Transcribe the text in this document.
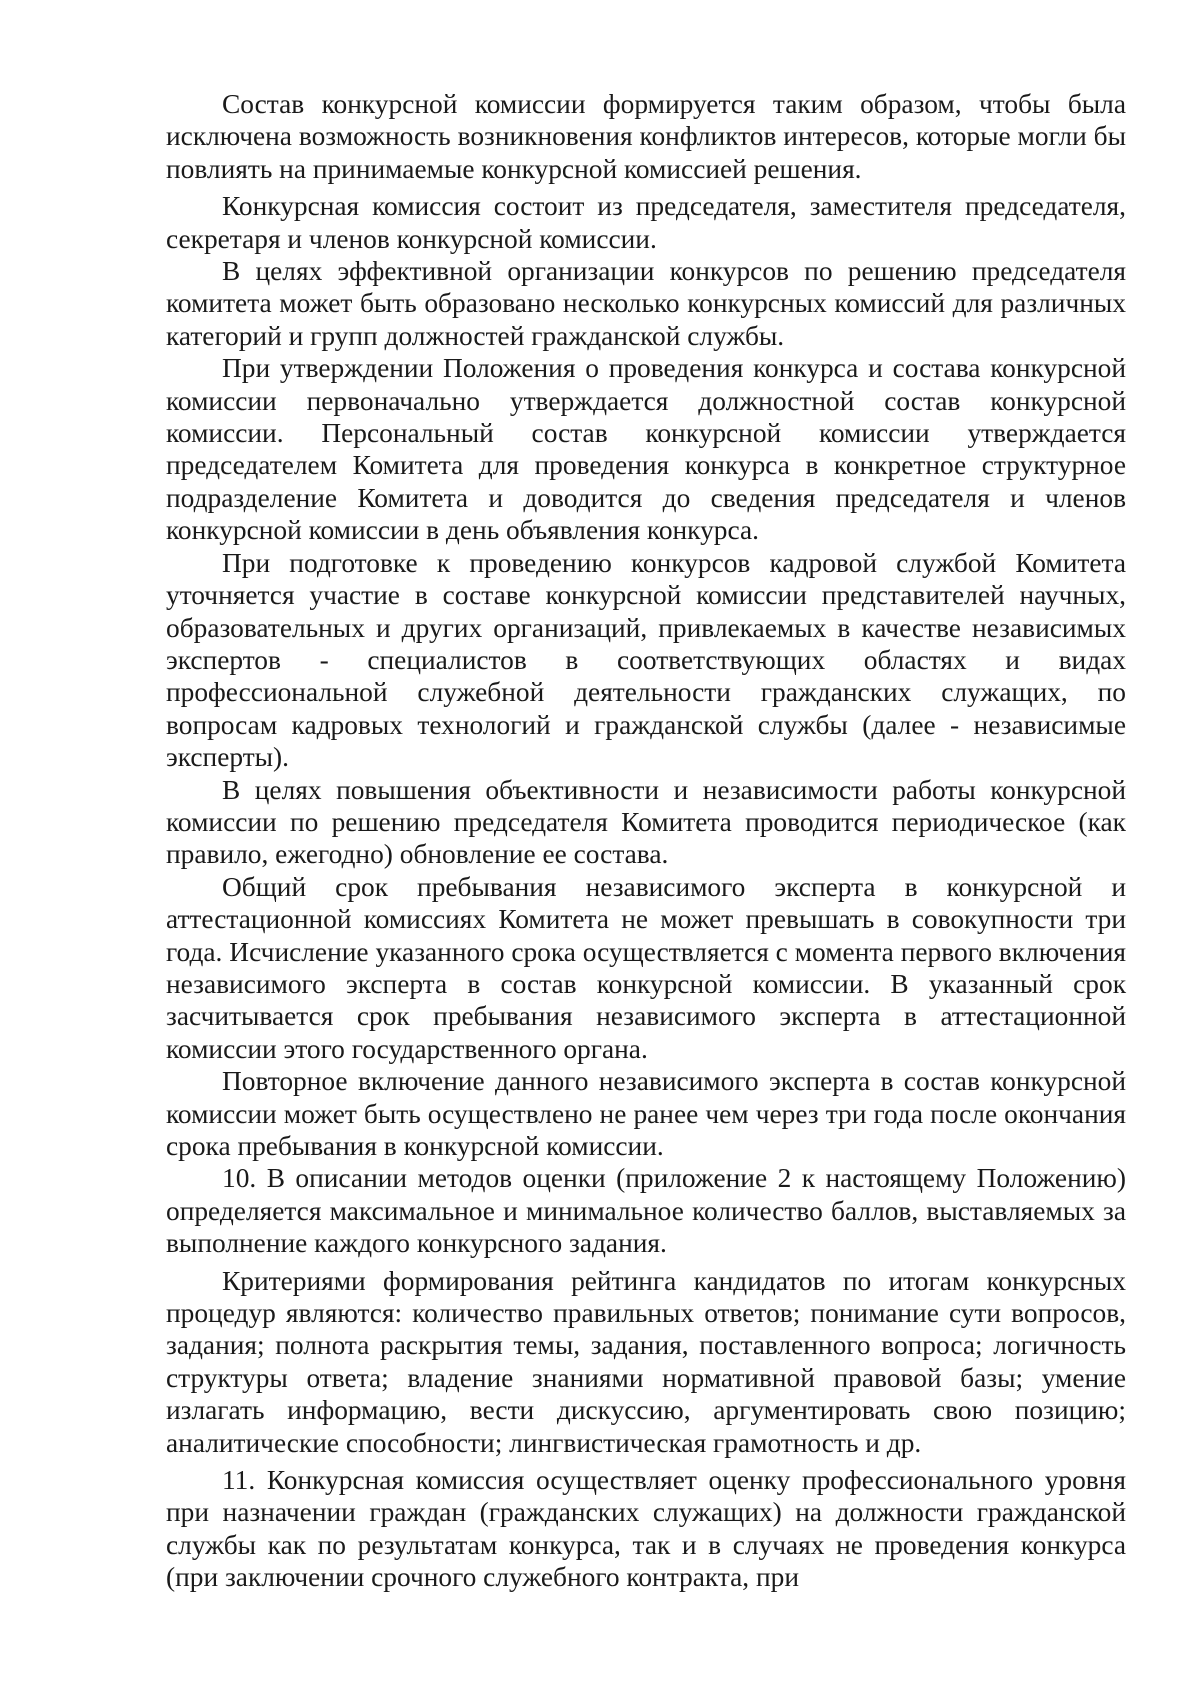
Состав конкурсной комиссии формируется таким образом, чтобы была исключена возможность возникновения конфликтов интересов, которые могли бы повлиять на принимаемые конкурсной комиссией решения.

Конкурсная комиссия состоит из председателя, заместителя председателя, секретаря и членов конкурсной комиссии.

В целях эффективной организации конкурсов по решению председателя комитета может быть образовано несколько конкурсных комиссий для различных категорий и групп должностей гражданской службы.

При утверждении Положения о проведения конкурса и состава конкурсной комиссии первоначально утверждается должностной состав конкурсной комиссии. Персональный состав конкурсной комиссии утверждается председателем Комитета для проведения конкурса в конкретное структурное подразделение Комитета и доводится до сведения председателя и членов конкурсной комиссии в день объявления конкурса.

При подготовке к проведению конкурсов кадровой службой Комитета уточняется участие в составе конкурсной комиссии представителей научных, образовательных и других организаций, привлекаемых в качестве независимых экспертов - специалистов в соответствующих областях и видах профессиональной служебной деятельности гражданских служащих, по вопросам кадровых технологий и гражданской службы (далее - независимые эксперты).

В целях повышения объективности и независимости работы конкурсной комиссии по решению председателя Комитета проводится периодическое (как правило, ежегодно) обновление ее состава.

Общий срок пребывания независимого эксперта в конкурсной и аттестационной комиссиях Комитета не может превышать в совокупности три года. Исчисление указанного срока осуществляется с момента первого включения независимого эксперта в состав конкурсной комиссии. В указанный срок засчитывается срок пребывания независимого эксперта в аттестационной комиссии этого государственного органа.

Повторное включение данного независимого эксперта в состав конкурсной комиссии может быть осуществлено не ранее чем через три года после окончания срока пребывания в конкурсной комиссии.

10. В описании методов оценки (приложение 2 к настоящему Положению) определяется максимальное и минимальное количество баллов, выставляемых за выполнение каждого конкурсного задания.

Критериями формирования рейтинга кандидатов по итогам конкурсных процедур являются: количество правильных ответов; понимание сути вопросов, задания; полнота раскрытия темы, задания, поставленного вопроса; логичность структуры ответа; владение знаниями нормативной правовой базы; умение излагать информацию, вести дискуссию, аргументировать свою позицию; аналитические способности; лингвистическая грамотность и др.

11. Конкурсная комиссия осуществляет оценку профессионального уровня при назначении граждан (гражданских служащих) на должности гражданской службы как по результатам конкурса, так и в случаях не проведения конкурса (при заключении срочного служебного контракта, при
